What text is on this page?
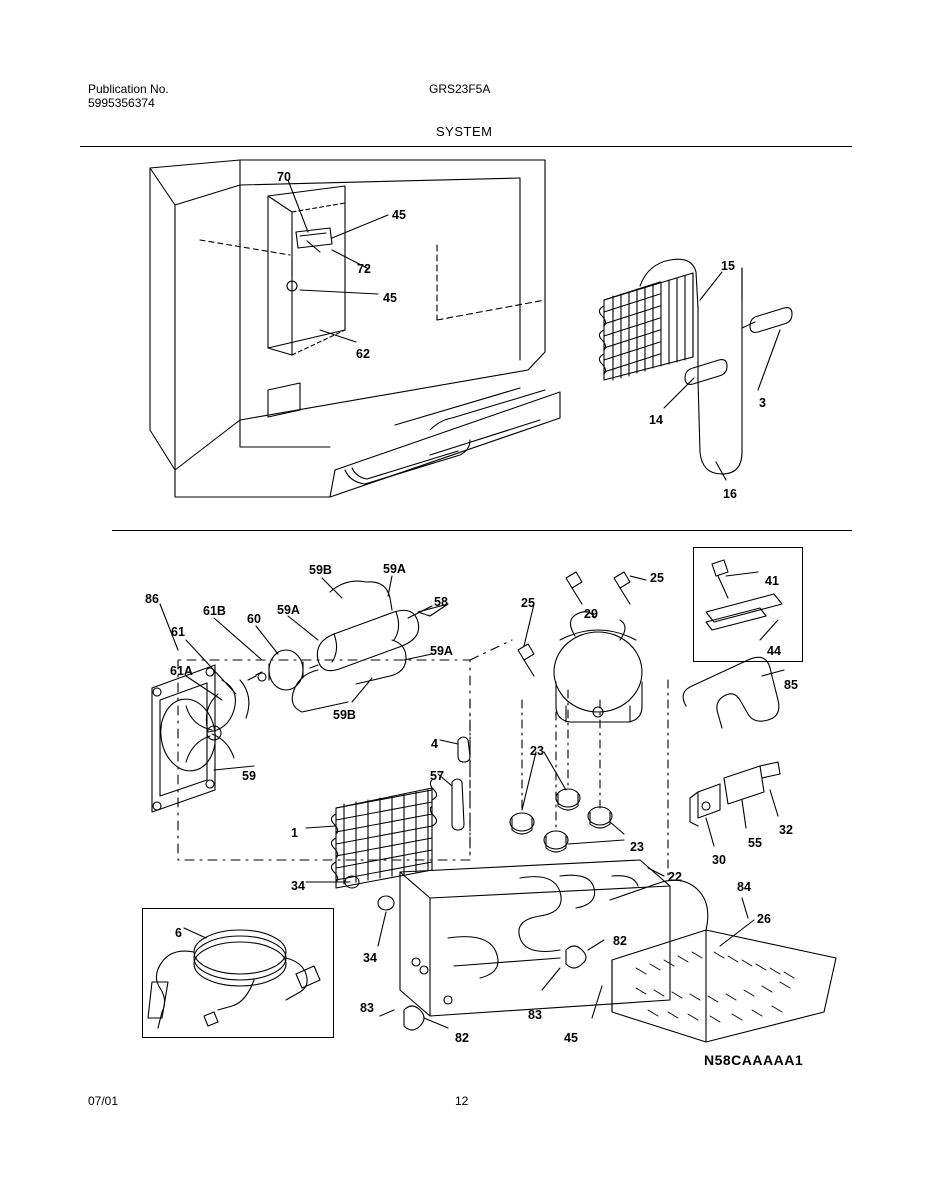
Publication No.
5995356374
GRS23F5A
SYSTEM
70
45
72
45
62
15
3
14
16
59B	59A
58
86
61B
60
59A
61
59A
61A
59B
59
25
25
29
41
44
85
4
57
23
23
30
55
32
1
34
34
22
84
26
6
82
83
82
83
45
N58CAAAAA1
07/01	12
